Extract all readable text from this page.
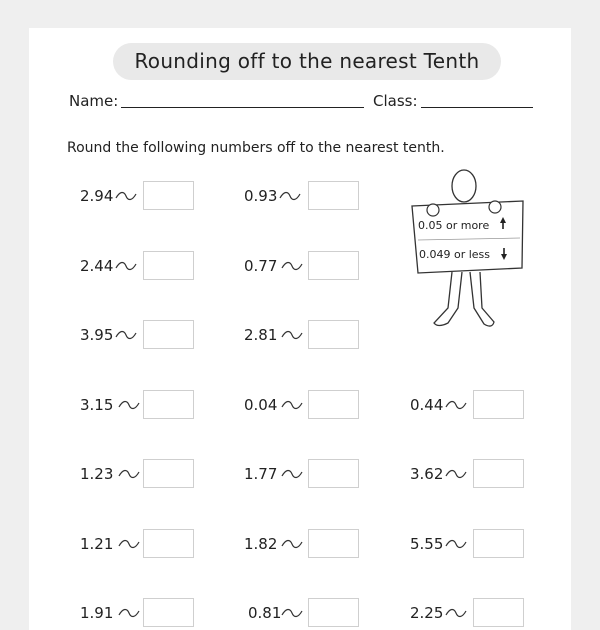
Rounding off to the nearest Tenth
Name:	Class:
Round the following numbers off to the nearest tenth.
2.94
2.44
3.95
3.15
1.23
1.21
1.91
0.93
0.77
2.81
0.04
1.77
1.82
0.81
0.44
3.62
5.55
2.25
0.05 or more
0.049 or less
